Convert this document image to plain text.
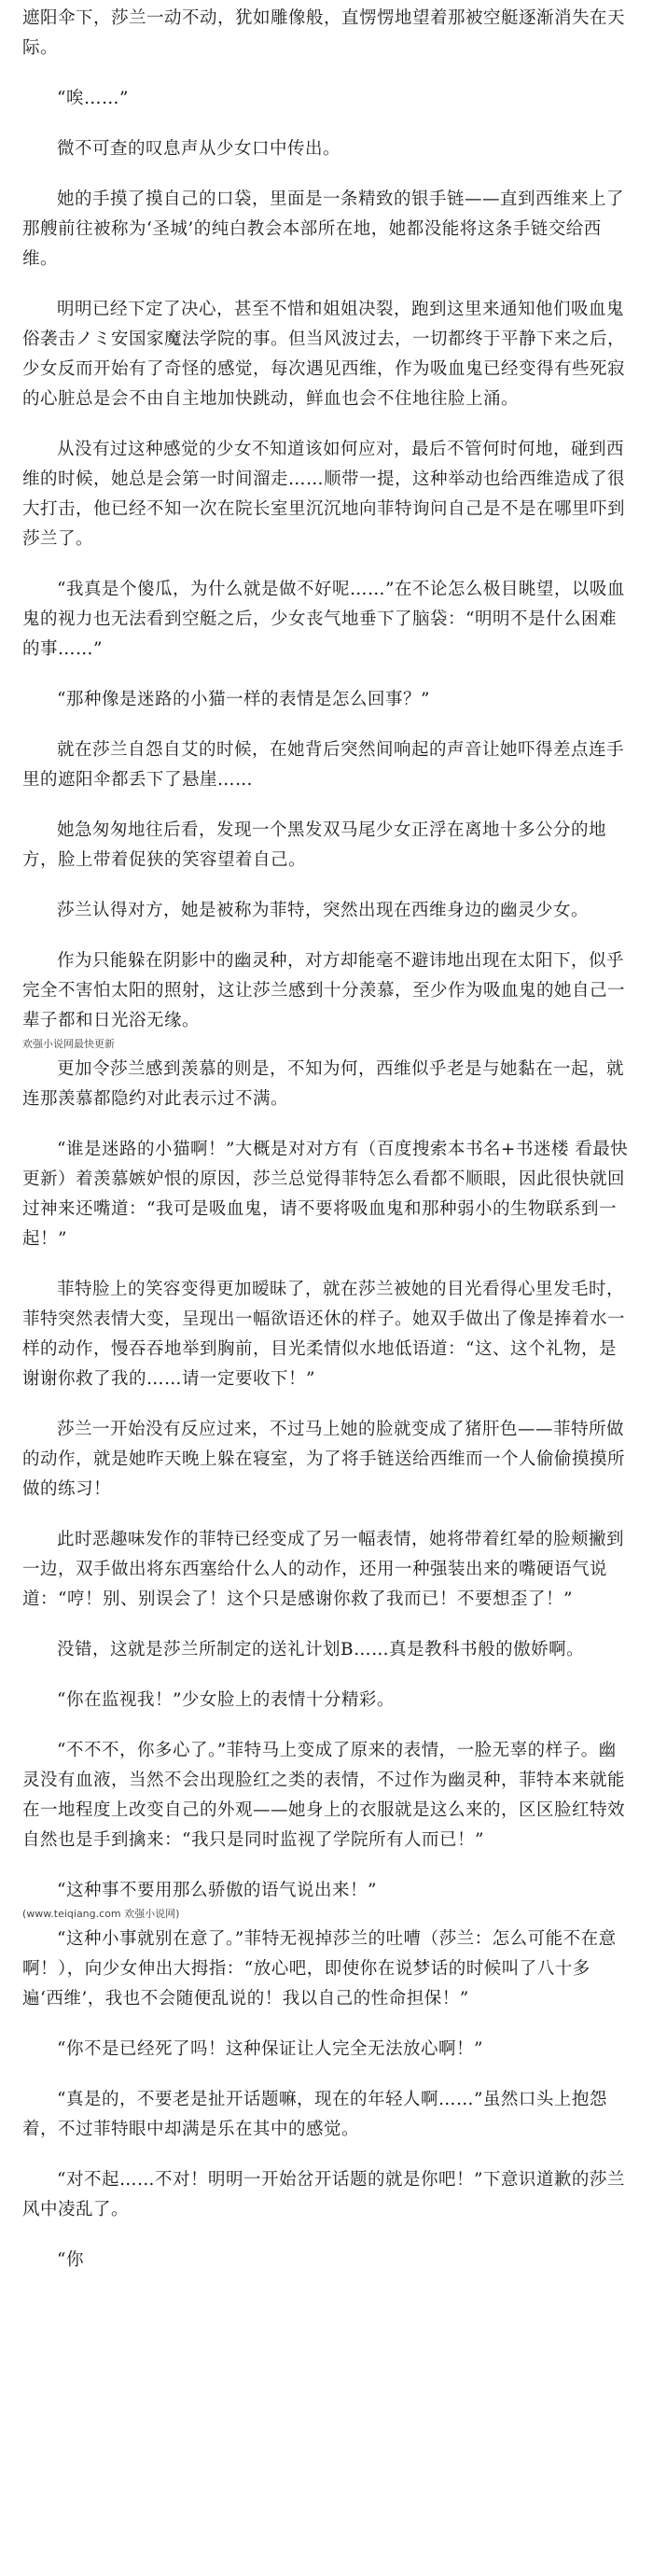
遮阳伞下，莎兰一动不动，犹如雕像般，直愣愣地望着那被空艇逐渐消失在天际。

“唉……”

微不可查的叹息声从少女口中传出。

她的手摸了摸自己的口袋，里面是一条精致的银手链——直到西维来上了那艘前往被称为‘圣城’的纯白教会本部所在地，她都没能将这条手链交给西维。

明明已经下定了决心，甚至不惜和姐姐决裂，跑到这里来通知他们吸血鬼俗袭击ノミ安国家魔法学院的事。但当风波过去，一切都终于平静下来之后，少女反而开始有了奇怪的感觉，每次遇见西维，作为吸血鬼已经变得有些死寂的心脏总是会不由自主地加快跳动，鲜血也会不住地往脸上涌。

从没有过这种感觉的少女不知道该如何应对，最后不管何时何地，碰到西维的时候，她总是会第一时间溜走……顺带一提，这种举动也给西维造成了很大打击，他已经不知一次在院长室里沉沉地向菲特询问自己是不是在哪里吓到莎兰了。

“我真是个傻瓜，为什么就是做不好呢……”在不论怎么极目眺望，以吸血鬼的视力也无法看到空艇之后，少女丧气地垂下了脑袋：“明明不是什么困难的事……”

“那种像是迷路的小猫一样的表情是怎么回事？”

就在莎兰自怨自艾的时候，在她背后突然间响起的声音让她吓得差点连手里的遮阳伞都丢下了悬崖……

她急匆匆地往后看，发现一个黑发双马尾少女正浮在离地十多公分的地方，脸上带着促狭的笑容望着自己。

莎兰认得对方，她是被称为菲特，突然出现在西维身边的幽灵少女。

作为只能躲在阴影中的幽灵种，对方却能毫不避讳地出现在太阳下，似乎完全不害怕太阳的照射，这让莎兰感到十分羡慕，至少作为吸血鬼的她自己一辈子都和日光浴无缘。

欢强小说网最快更新

更加令莎兰感到羡慕的则是，不知为何，西维似乎老是与她黏在一起，就连那羡慕都隐约对此表示过不满。

“谁是迷路的小猫啊！”大概是对对方有（百度搜索本书名+书迷楼 看最快更新）着羡慕嫉妒恨的原因，莎兰总觉得菲特怎么看都不顺眼，因此很快就回过神来还嘴道：“我可是吸血鬼，请不要将吸血鬼和那种弱小的生物联系到一起！”

菲特脸上的笑容变得更加暧昧了，就在莎兰被她的目光看得心里发毛时，菲特突然表情大变，呈现出一幅欲语还休的样子。她双手做出了像是捧着水一样的动作，慢吞吞地举到胸前，目光柔情似水地低语道：“这、这个礼物，是谢谢你救了我的……请一定要收下！”

莎兰一开始没有反应过来，不过马上她的脸就变成了猪肝色——菲特所做的动作，就是她昨天晚上躲在寝室，为了将手链送给西维而一个人偷偷摸摸所做的练习！

此时恶趣味发作的菲特已经变成了另一幅表情，她将带着红晕的脸颊撇到一边，双手做出将东西塞给什么人的动作，还用一种强装出来的嘴硬语气说道：“哼！别、别误会了！这个只是感谢你救了我而已！不要想歪了！”

没错，这就是莎兰所制定的送礼计划B……真是教科书般的傲娇啊。

“你在监视我！”少女脸上的表情十分精彩。

“不不不，你多心了。”菲特马上变成了原来的表情，一脸无辜的样子。幽灵没有血液，当然不会出现脸红之类的表情，不过作为幽灵种，菲特本来就能在一地程度上改变自己的外观——她身上的衣服就是这么来的，区区脸红特效自然也是手到擒来：“我只是同时监视了学院所有人而已！”

“这种事不要用那么骄傲的语气说出来！”

(www.teiqiang.com 欢强小说网)

“这种小事就别在意了。”菲特无视掉莎兰的吐嘈（莎兰：怎么可能不在意啊！），向少女伸出大拇指：“放心吧，即使你在说梦话的时候叫了八十多遍‘西维’，我也不会随便乱说的！我以自己的性命担保！”

“你不是已经死了吗！这种保证让人完全无法放心啊！”

“真是的，不要老是扯开话题嘛，现在的年轻人啊……”虽然口头上抱怨着，不过菲特眼中却满是乐在其中的感觉。

“对不起……不对！明明一开始岔开话题的就是你吧！”下意识道歉的莎兰风中凌乱了。

“你
